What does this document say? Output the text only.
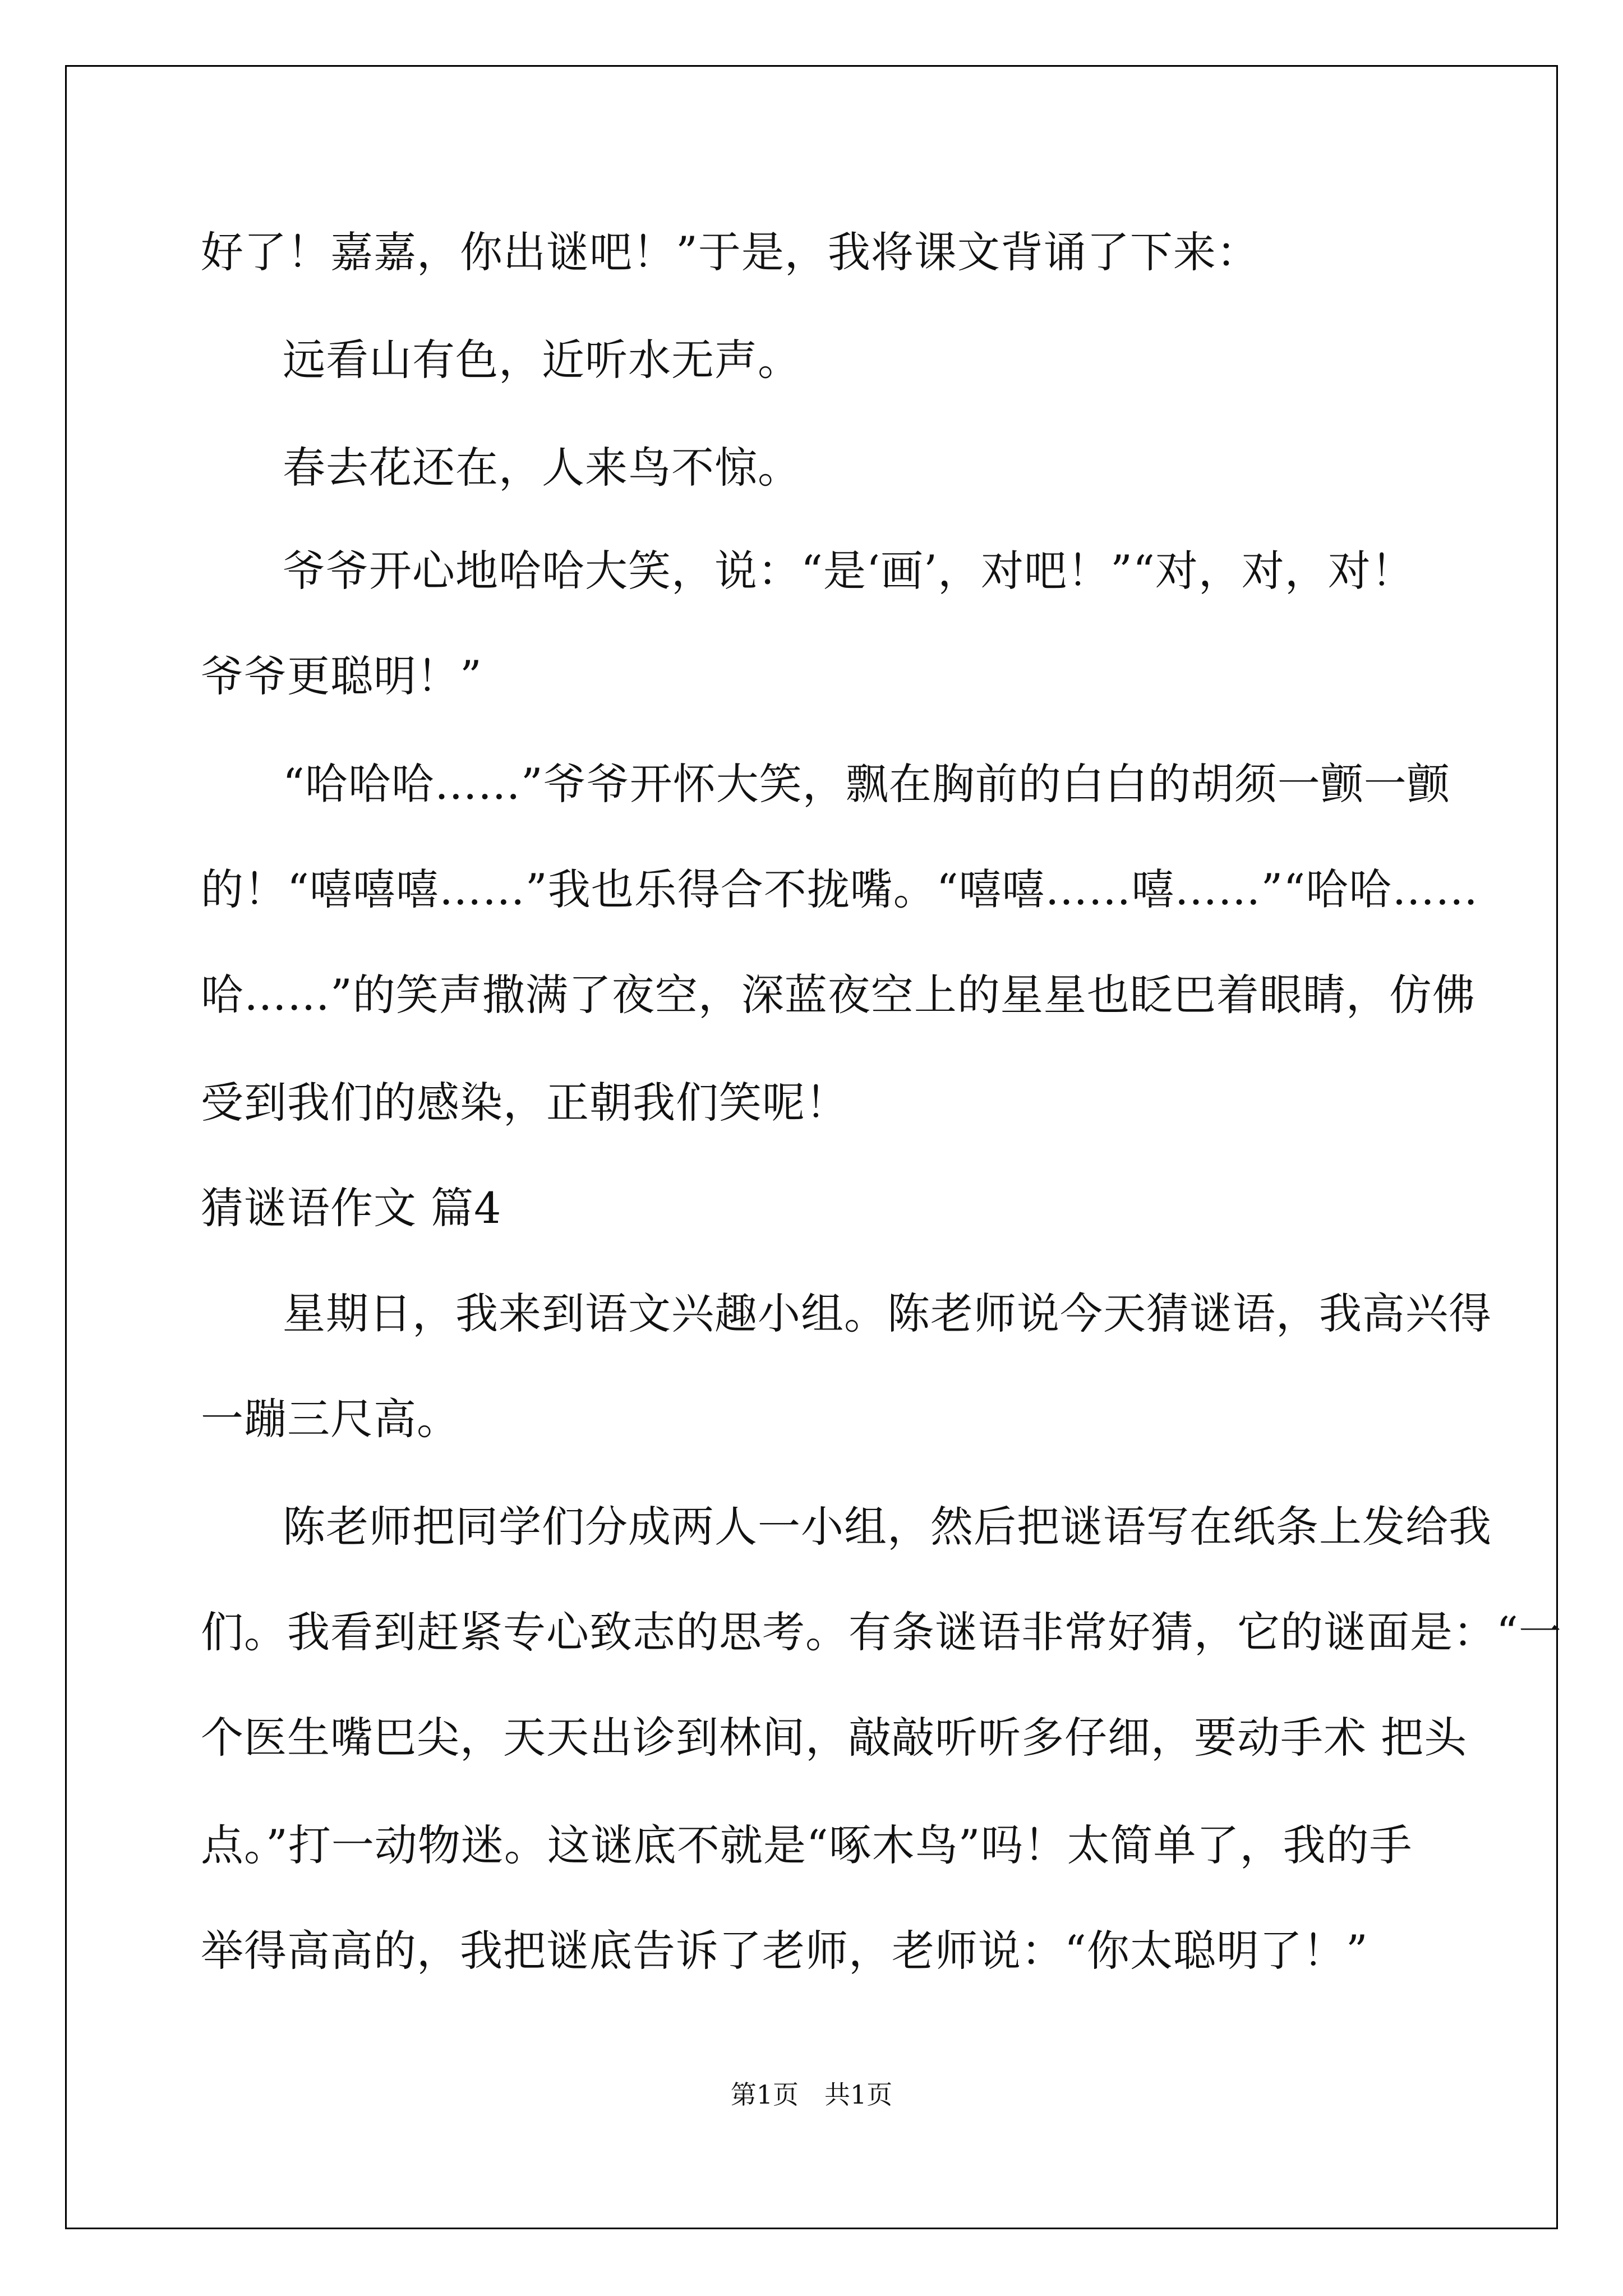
好了！嘉嘉，你出谜吧！”于是，我将课文背诵了下来：

远看山有色，近听水无声。

春去花还在，人来鸟不惊。

爷爷开心地哈哈大笑，说：“是‘画’，对吧！”“对，对，对！

爷爷更聪明！”

“哈哈哈……”爷爷开怀大笑，飘在胸前的白白的胡须一颤一颤

的！“嘻嘻嘻……”我也乐得合不拢嘴。“嘻嘻……嘻……”“哈哈……

哈……”的笑声撒满了夜空，深蓝夜空上的星星也眨巴着眼睛，仿佛

受到我们的感染，正朝我们笑呢！

猜谜语作文 篇4

星期日，我来到语文兴趣小组。陈老师说今天猜谜语，我高兴得

一蹦三尺高。

陈老师把同学们分成两人一小组，然后把谜语写在纸条上发给我

们。我看到赶紧专心致志的思考。有条谜语非常好猜，它的谜面是：“一

个医生嘴巴尖，天天出诊到林间，敲敲听听多仔细，要动手术 把头

点。”打一动物迷。这谜底不就是“啄木鸟”吗！太简单了，我的手

举得高高的，我把谜底告诉了老师，老师说：“你太聪明了！”

第1页　共1页
